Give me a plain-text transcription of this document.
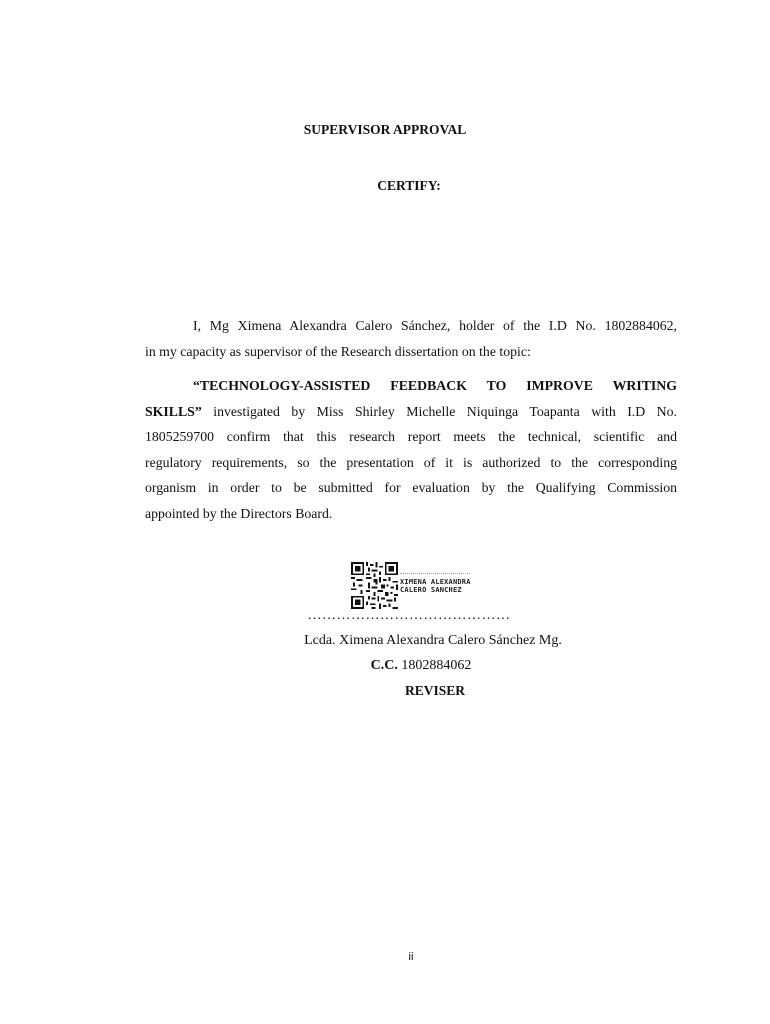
SUPERVISOR APPROVAL
CERTIFY:
I, Mg Ximena Alexandra Calero Sánchez, holder of the I.D No. 1802884062,
in my capacity as supervisor of the Research dissertation on the topic:
“TECHNOLOGY-ASSISTED FEEDBACK TO IMPROVE WRITING
SKILLS” investigated by Miss Shirley Michelle Niquinga Toapanta with I.D No.
1805259700 confirm that this research report meets the technical, scientific and
regulatory requirements, so the presentation of it is authorized to the corresponding
organism in order to be submitted for evaluation by the Qualifying Commission
appointed by the Directors Board.
XIMENA ALEXANDRA
CALERO SANCHEZ
……………………………………
Lcda. Ximena Alexandra Calero Sánchez Mg.
C.C. 1802884062
REVISER
ii
